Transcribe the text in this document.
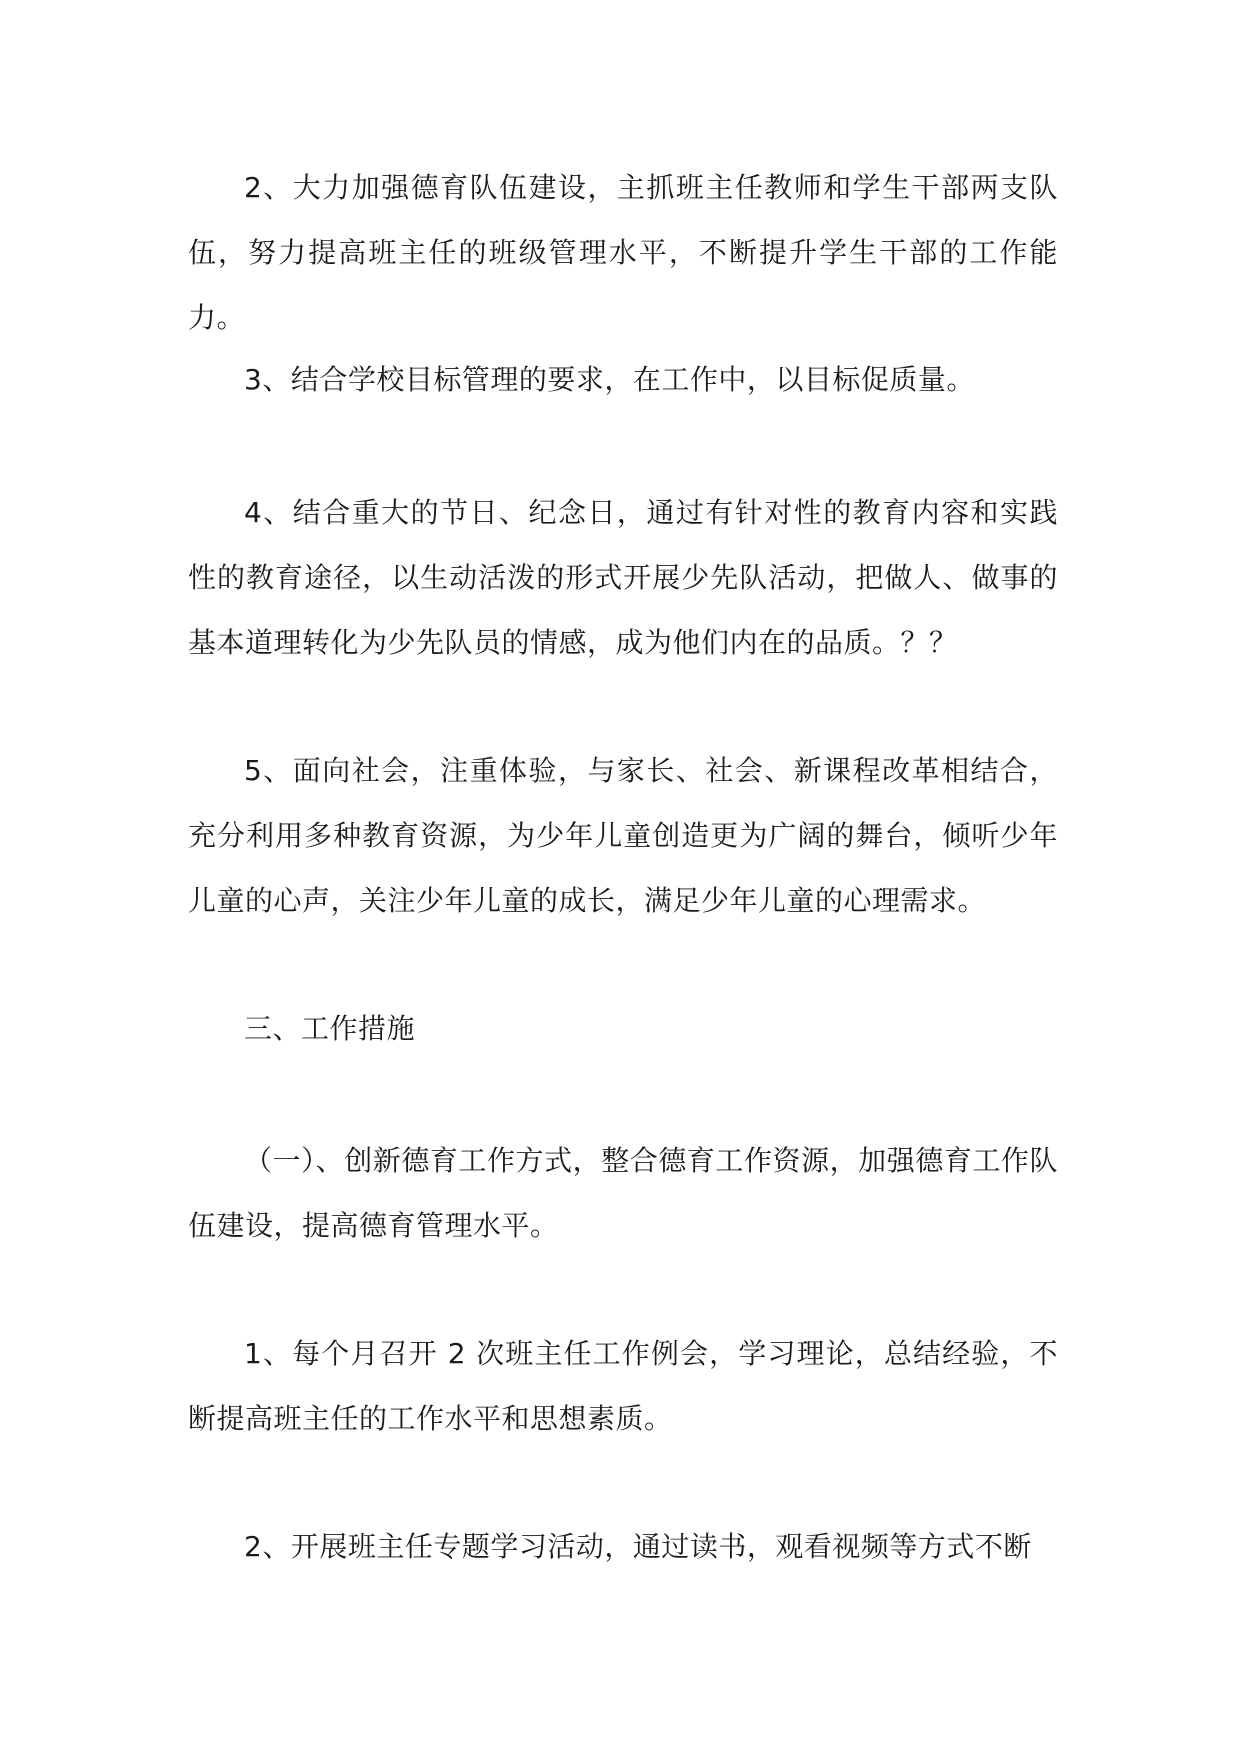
2、大力加强德育队伍建设，主抓班主任教师和学生干部两支队伍，努力提高班主任的班级管理水平，不断提升学生干部的工作能力。

3、结合学校目标管理的要求，在工作中，以目标促质量。

4、结合重大的节日、纪念日，通过有针对性的教育内容和实践性的教育途径，以生动活泼的形式开展少先队活动，把做人、做事的基本道理转化为少先队员的情感，成为他们内在的品质。？？

5、面向社会，注重体验，与家长、社会、新课程改革相结合，充分利用多种教育资源，为少年儿童创造更为广阔的舞台，倾听少年儿童的心声，关注少年儿童的成长，满足少年儿童的心理需求。

三、工作措施

（一）、创新德育工作方式，整合德育工作资源，加强德育工作队伍建设，提高德育管理水平。

1、每个月召开 2 次班主任工作例会，学习理论，总结经验，不断提高班主任的工作水平和思想素质。

2、开展班主任专题学习活动，通过读书，观看视频等方式不断
